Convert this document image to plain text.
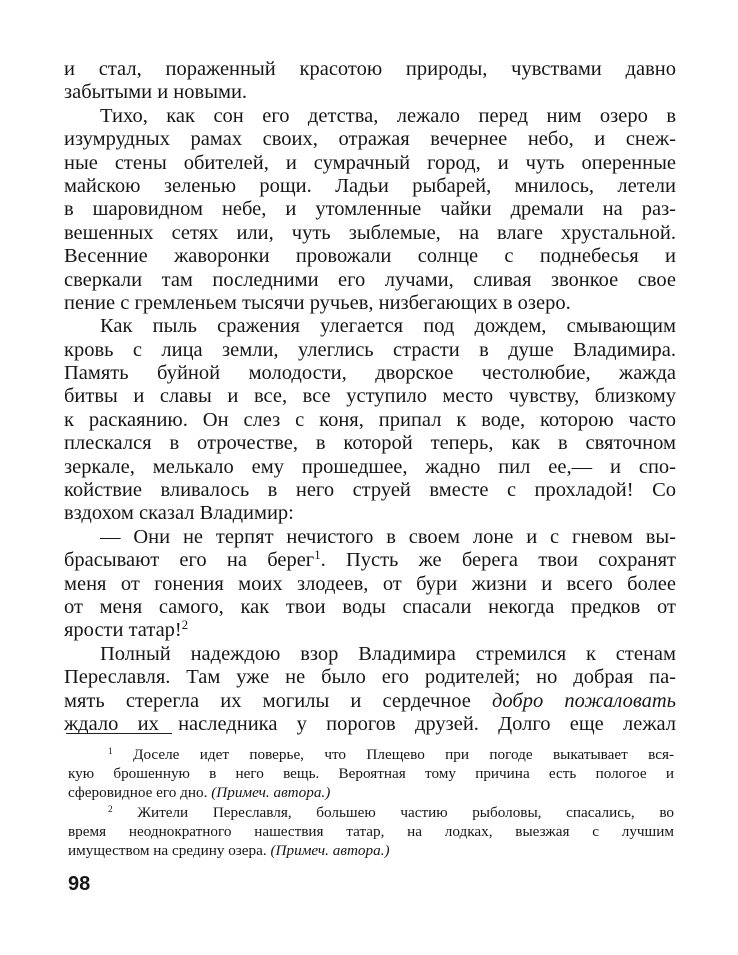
и стал, пораженный красотою природы, чувствами давно
забытыми и новыми.
Тихо, как сон его детства, лежало перед ним озеро в
изумрудных рамах своих, отражая вечернее небо, и снеж-
ные стены обителей, и сумрачный город, и чуть оперенные
майскою зеленью рощи. Ладьи рыбарей, мнилось, летели
в шаровидном небе, и утомленные чайки дремали на раз-
вешенных сетях или, чуть зыблемые, на влаге хрустальной.
Весенние жаворонки провожали солнце с поднебесья и
сверкали там последними его лучами, сливая звонкое свое
пение с гремленьем тысячи ручьев, низбегающих в озеро.
Как пыль сражения улегается под дождем, смывающим
кровь с лица земли, улеглись страсти в душе Владимира.
Память буйной молодости, дворское честолюбие, жажда
битвы и славы и все, все уступило место чувству, близкому
к раскаянию. Он слез с коня, припал к воде, которою часто
плескался в отрочестве, в которой теперь, как в святочном
зеркале, мелькало ему прошедшее, жадно пил ее,— и спо-
койствие вливалось в него струей вместе с прохладой! Со
вздохом сказал Владимир:
— Они не терпят нечистого в своем лоне и с гневом вы-
брасывают его на берег$^1$. Пусть же берега твои сохранят
меня от гонения моих злодеев, от бури жизни и всего более
от меня самого, как твои воды спасали некогда предков от
ярости татар!$^2$
Полный надеждою взор Владимира стремился к стенам
Переславля. Там уже не было его родителей; но добрая па-
мять стерегла их могилы и сердечное добро пожаловать
ждало их наследника у порогов друзей. Долго еще лежал
$^1$ Доселе идет поверье, что Плещево при погоде выкатывает вся-
кую брошенную в него вещь. Вероятная тому причина есть пологое и
сферовидное его дно. (Примеч. автора.)
$^2$ Жители Переславля, большею частию рыболовы, спасались, во
время неоднократного нашествия татар, на лодках, выезжая с лучшим
имуществом на средину озера. (Примеч. автора.)
98
